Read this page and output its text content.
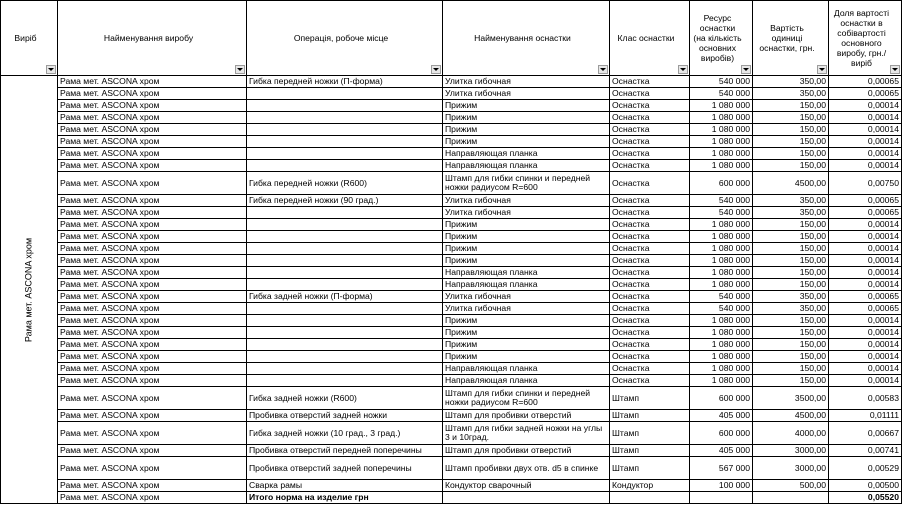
Виріб	Найменування виробу	Операція, робоче місце	Найменування оснастки	Клас оснастки	Ресурс оснастки (на кількість основних виробів)	Вартість одиниці оснастки, грн.	Доля вартості оснастки в собівартості основного виробу, грн./виріб

Рама мет. ASCONA хром	Рама мет. ASCONA хром	Гибка передней ножки (П-форма)	Улитка гибочная	Оснастка	540 000	350,00	0,00065
	Рама мет. ASCONA хром		Улитка гибочная	Оснастка	540 000	350,00	0,00065
	Рама мет. ASCONA хром		Прижим	Оснастка	1 080 000	150,00	0,00014
	Рама мет. ASCONA хром		Прижим	Оснастка	1 080 000	150,00	0,00014
	Рама мет. ASCONA хром		Прижим	Оснастка	1 080 000	150,00	0,00014
	Рама мет. ASCONA хром		Прижим	Оснастка	1 080 000	150,00	0,00014
	Рама мет. ASCONA хром		Направляющая планка	Оснастка	1 080 000	150,00	0,00014
	Рама мет. ASCONA хром		Направляющая планка	Оснастка	1 080 000	150,00	0,00014
	Рама мет. ASCONA хром	Гибка передней ножки (R600)	Штамп для гибки спинки и передней ножки радиусом R=600	Оснастка	600 000	4500,00	0,00750
	Рама мет. ASCONA хром	Гибка передней ножки (90 град.)	Улитка гибочная	Оснастка	540 000	350,00	0,00065
	Рама мет. ASCONA хром		Улитка гибочная	Оснастка	540 000	350,00	0,00065
	Рама мет. ASCONA хром		Прижим	Оснастка	1 080 000	150,00	0,00014
	Рама мет. ASCONA хром		Прижим	Оснастка	1 080 000	150,00	0,00014
	Рама мет. ASCONA хром		Прижим	Оснастка	1 080 000	150,00	0,00014
	Рама мет. ASCONA хром		Прижим	Оснастка	1 080 000	150,00	0,00014
	Рама мет. ASCONA хром		Направляющая планка	Оснастка	1 080 000	150,00	0,00014
	Рама мет. ASCONA хром		Направляющая планка	Оснастка	1 080 000	150,00	0,00014
	Рама мет. ASCONA хром	Гибка задней ножки (П-форма)	Улитка гибочная	Оснастка	540 000	350,00	0,00065
	Рама мет. ASCONA хром		Улитка гибочная	Оснастка	540 000	350,00	0,00065
	Рама мет. ASCONA хром		Прижим	Оснастка	1 080 000	150,00	0,00014
	Рама мет. ASCONA хром		Прижим	Оснастка	1 080 000	150,00	0,00014
	Рама мет. ASCONA хром		Прижим	Оснастка	1 080 000	150,00	0,00014
	Рама мет. ASCONA хром		Прижим	Оснастка	1 080 000	150,00	0,00014
	Рама мет. ASCONA хром		Направляющая планка	Оснастка	1 080 000	150,00	0,00014
	Рама мет. ASCONA хром		Направляющая планка	Оснастка	1 080 000	150,00	0,00014
	Рама мет. ASCONA хром	Гибка задней ножки (R600)	Штамп для гибки спинки и передней ножки радиусом R=600	Штамп	600 000	3500,00	0,00583
	Рама мет. ASCONA хром	Пробивка отверстий задней ножки	Штамп для пробивки отверстий	Штамп	405 000	4500,00	0,01111
	Рама мет. ASCONA хром	Гибка задней ножки (10 град., 3 град.)	Штамп для гибки задней ножки на углы 3 и 10град.	Штамп	600 000	4000,00	0,00667
	Рама мет. ASCONA хром	Пробивка отверстий передней поперечины	Штамп для пробивки отверстий	Штамп	405 000	3000,00	0,00741
	Рама мет. ASCONA хром	Пробивка отверстий задней поперечины	Штамп пробивки двух отв. d5 в спинке	Штамп	567 000	3000,00	0,00529
	Рама мет. ASCONA хром	Сварка рамы	Кондуктор сварочный	Кондуктор	100 000	500,00	0,00500
	Рама мет. ASCONA хром	Итого норма на изделие грн					0,05520
